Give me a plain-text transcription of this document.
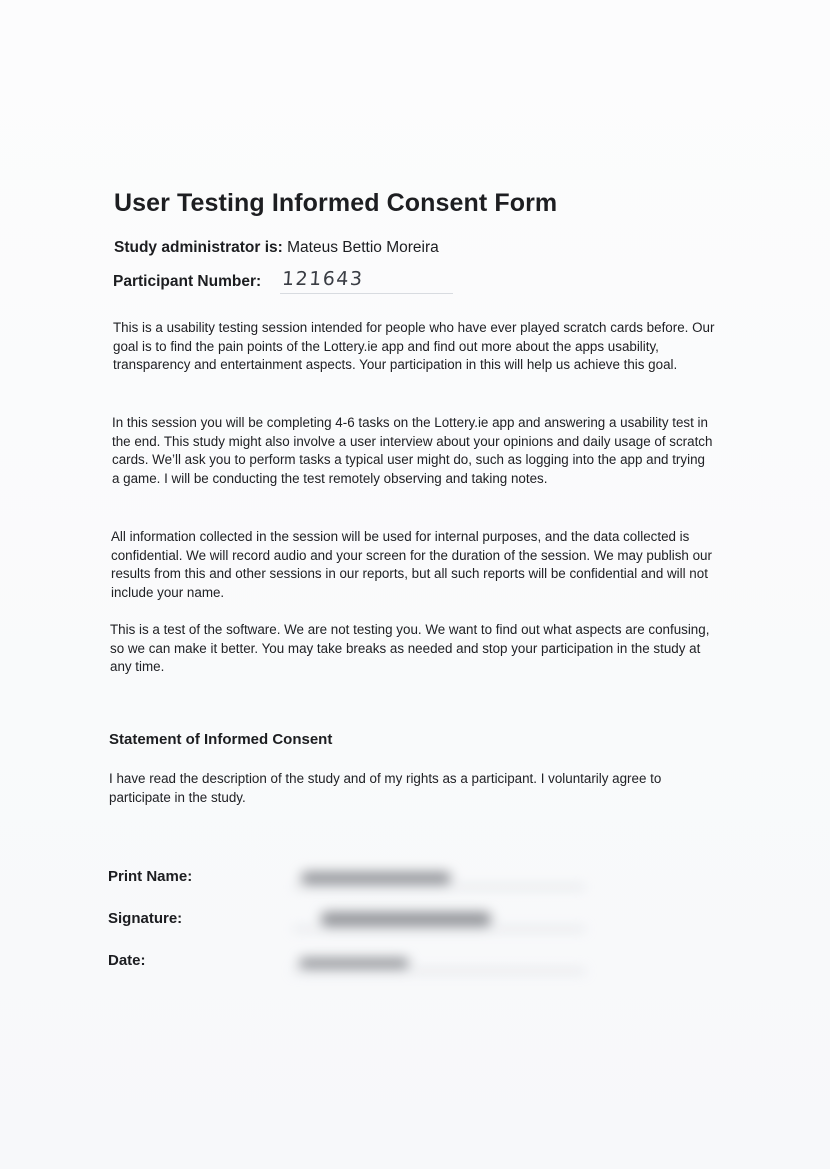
User Testing Informed Consent Form
Study administrator is: Mateus Bettio Moreira
Participant Number: 121643

This is a usability testing session intended for people who have ever played scratch cards before. Our goal is to find the pain points of the Lottery.ie app and find out more about the apps usability, transparency and entertainment aspects. Your participation in this will help us achieve this goal.

In this session you will be completing 4-6 tasks on the Lottery.ie app and answering a usability test in the end. This study might also involve a user interview about your opinions and daily usage of scratch cards. We’ll ask you to perform tasks a typical user might do, such as logging into the app and trying a game. I will be conducting the test remotely observing and taking notes.

All information collected in the session will be used for internal purposes, and the data collected is confidential. We will record audio and your screen for the duration of the session. We may publish our results from this and other sessions in our reports, but all such reports will be confidential and will not include your name.

This is a test of the software. We are not testing you. We want to find out what aspects are confusing, so we can make it better. You may take breaks as needed and stop your participation in the study at any time.

Statement of Informed Consent

I have read the description of the study and of my rights as a participant. I voluntarily agree to participate in the study.

Print Name:
Signature:
Date:
